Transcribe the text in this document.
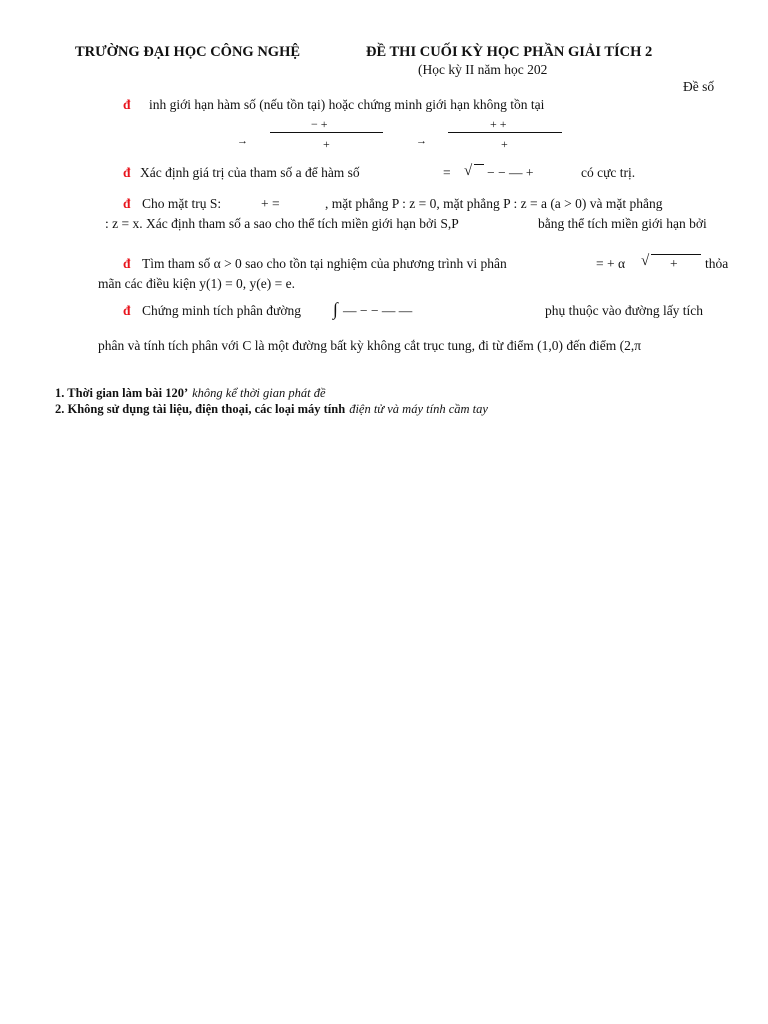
TRƯỜNG ĐẠI HỌC CÔNG NGHỆ	ĐỀ THI CUỐI KỲ HỌC PHẦN GIẢI TÍCH 2
(Học kỳ II năm học 202
Đề số
đ inh giới hạn hàm số (nếu tồn tại) hoặc chứng minh giới hạn không tồn tại
− +
+
→
+ +
+
→
đ Xác định giá trị của tham số a để hàm số	= √ − − — +	có cực trị.
đ Cho mặt trụ S:	+ =	, mặt phẳng P : z = 0, mặt phẳng P : z = a (a > 0) và mặt phẳng
: z = x. Xác định tham số a sao cho thể tích miền giới hạn bởi S,P	bằng thể tích miền giới hạn bởi
đ Tìm tham số α > 0 sao cho tồn tại nghiệm của phương trình vi phân	= + α √ + thỏa
mãn các điều kiện y(1) = 0, y(e) = e.
đ Chứng minh tích phân đường ∫ — − − — —	phụ thuộc vào đường lấy tích
phân và tính tích phân với C là một đường bất kỳ không cắt trục tung, đi từ điểm (1,0) đến điểm (2,π
1. Thời gian làm bài 120’ không kể thời gian phát đề
2. Không sử dụng tài liệu, điện thoại, các loại máy tính điện tử và máy tính cầm tay
